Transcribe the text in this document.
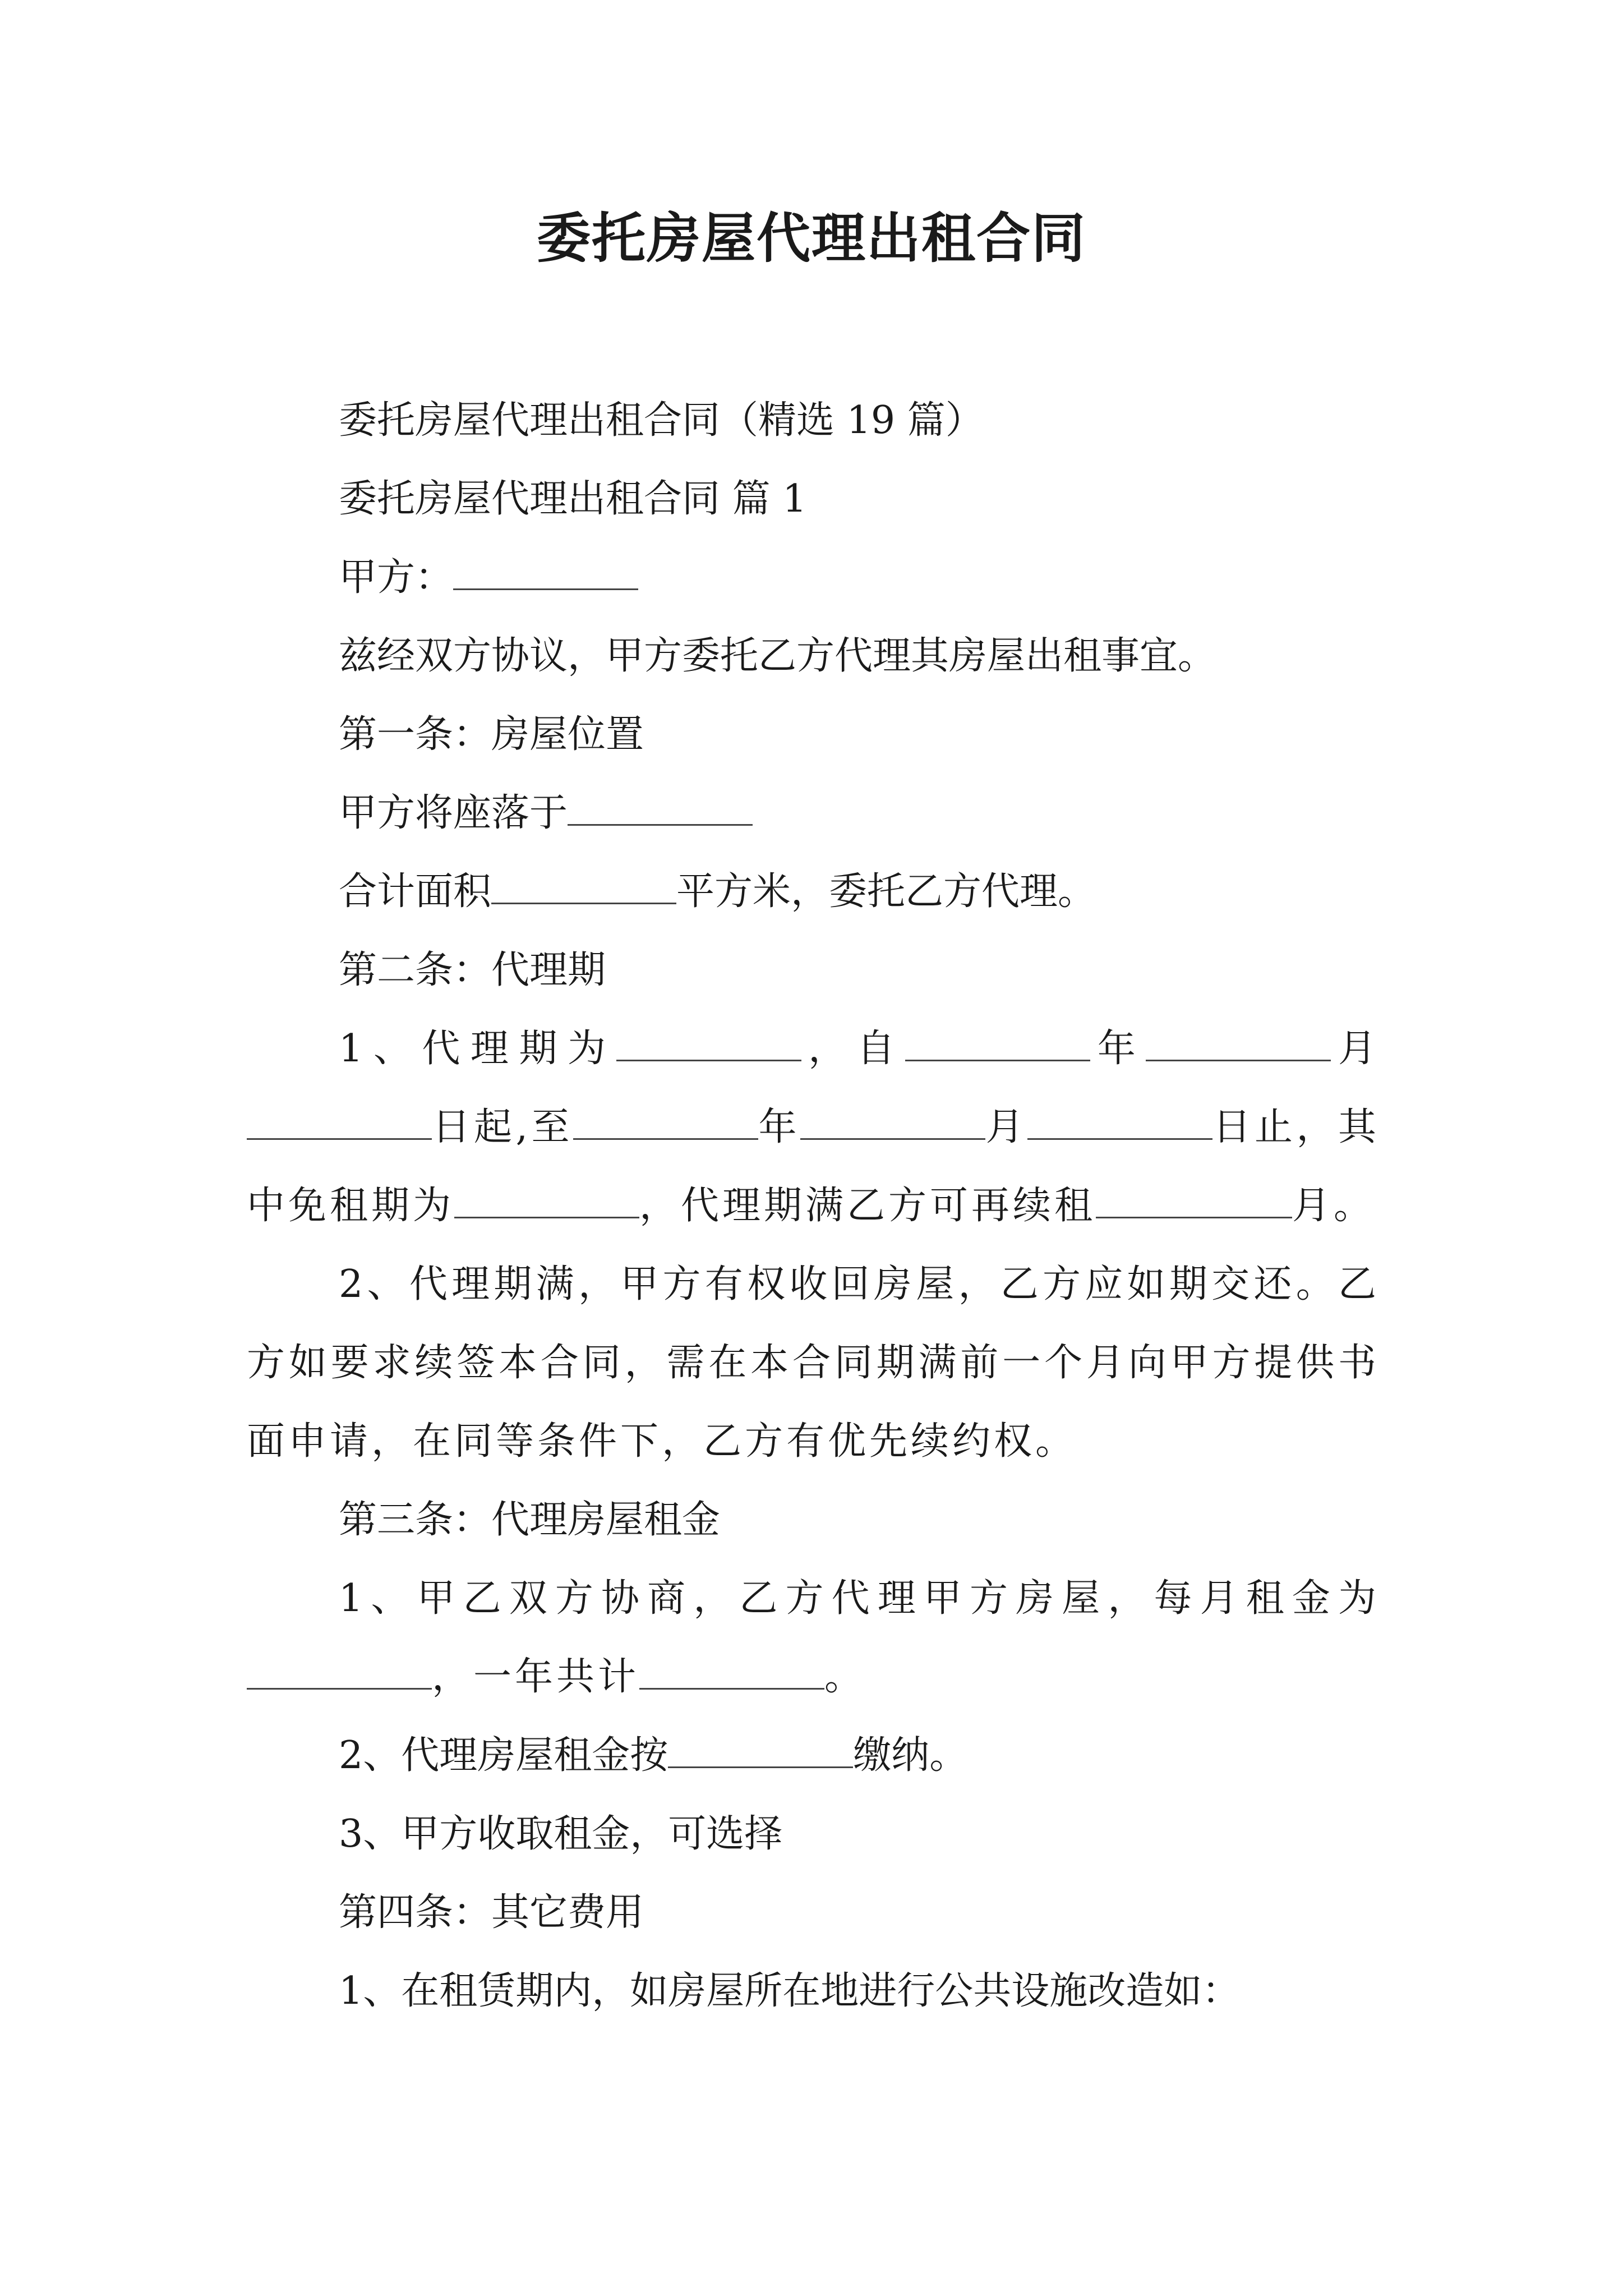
委托房屋代理出租合同
委托房屋代理出租合同（精选 19 篇）
委托房屋代理出租合同 篇 1
甲方：
兹经双方协议，甲方委托乙方代理其房屋出租事宜。
第一条：房屋位置
甲方将座落于
合计面积	平方米，委托乙方代理。
第二条：代理期

1、代理期为	，自	年	月日起,至	年	月	日止，其中免租期为	，代理期满乙方可再续租	月。

2、代理期满，甲方有权收回房屋，乙方应如期交还。乙方如要求续签本合同，需在本合同期满前一个月向甲方提供书面申请，在同等条件下，乙方有优先续约权。

第三条：代理房屋租金

1、甲乙双方协商，乙方代理甲方房屋，每月租金为，一年共计	。

2、代理房屋租金按	缴纳。
3、甲方收取租金，可选择
第四条：其它费用
1、在租赁期内，如房屋所在地进行公共设施改造如：
